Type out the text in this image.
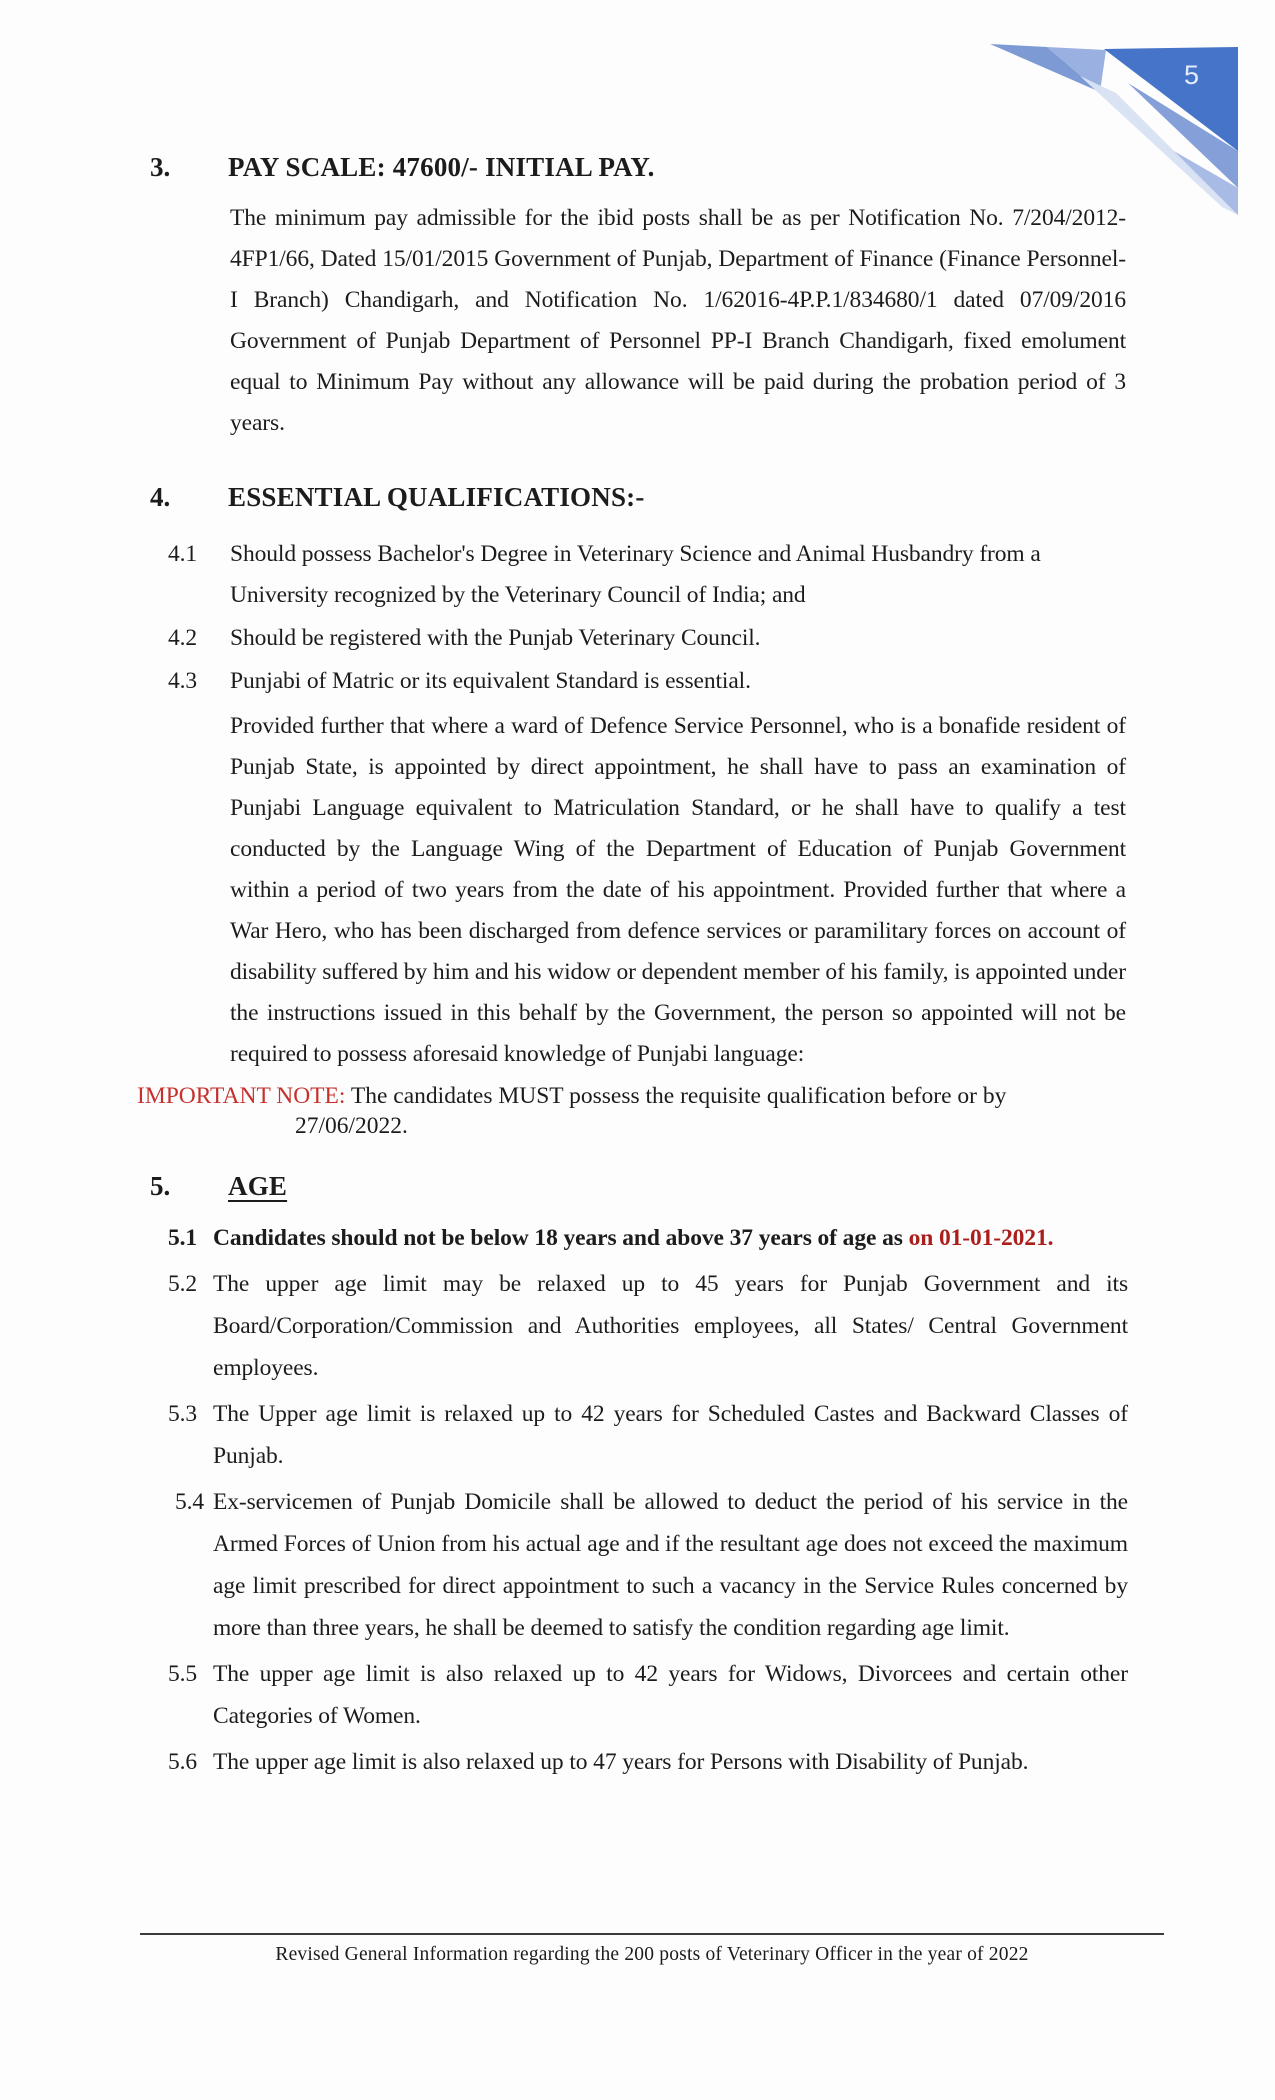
5
3.	PAY SCALE: 47600/- INITIAL PAY.

The minimum pay admissible for the ibid posts shall be as per Notification No. 7/204/2012-4FP1/66, Dated 15/01/2015 Government of Punjab, Department of Finance (Finance Personnel-I Branch) Chandigarh, and Notification No. 1/62016-4P.P.1/834680/1 dated 07/09/2016 Government of Punjab Department of Personnel PP-I Branch Chandigarh, fixed emolument equal to Minimum Pay without any allowance will be paid during the probation period of 3 years.

4.	ESSENTIAL QUALIFICATIONS:-
4.1	Should possess Bachelor's Degree in Veterinary Science and Animal Husbandry from a University recognized by the Veterinary Council of India; and
4.2	Should be registered with the Punjab Veterinary Council.
4.3	Punjabi of Matric or its equivalent Standard is essential.

Provided further that where a ward of Defence Service Personnel, who is a bonafide resident of Punjab State, is appointed by direct appointment, he shall have to pass an examination of Punjabi Language equivalent to Matriculation Standard, or he shall have to qualify a test conducted by the Language Wing of the Department of Education of Punjab Government within a period of two years from the date of his appointment. Provided further that where a War Hero, who has been discharged from defence services or paramilitary forces on account of disability suffered by him and his widow or dependent member of his family, is appointed under the instructions issued in this behalf by the Government, the person so appointed will not be required to possess aforesaid knowledge of Punjabi language:

IMPORTANT NOTE: The candidates MUST possess the requisite qualification before or by
27/06/2022.
5.	AGE
5.1 Candidates should not be below 18 years and above 37 years of age as on 01-01-2021.
5.2 The upper age limit may be relaxed up to 45 years for Punjab Government and its Board/Corporation/Commission and Authorities employees, all States/ Central Government employees.
5.3 The Upper age limit is relaxed up to 42 years for Scheduled Castes and Backward Classes of Punjab.
5.4 Ex-servicemen of Punjab Domicile shall be allowed to deduct the period of his service in the Armed Forces of Union from his actual age and if the resultant age does not exceed the maximum age limit prescribed for direct appointment to such a vacancy in the Service Rules concerned by more than three years, he shall be deemed to satisfy the condition regarding age limit.
5.5 The upper age limit is also relaxed up to 42 years for Widows, Divorcees and certain other Categories of Women.
5.6 The upper age limit is also relaxed up to 47 years for Persons with Disability of Punjab.
Revised General Information regarding the 200 posts of Veterinary Officer in the year of 2022
